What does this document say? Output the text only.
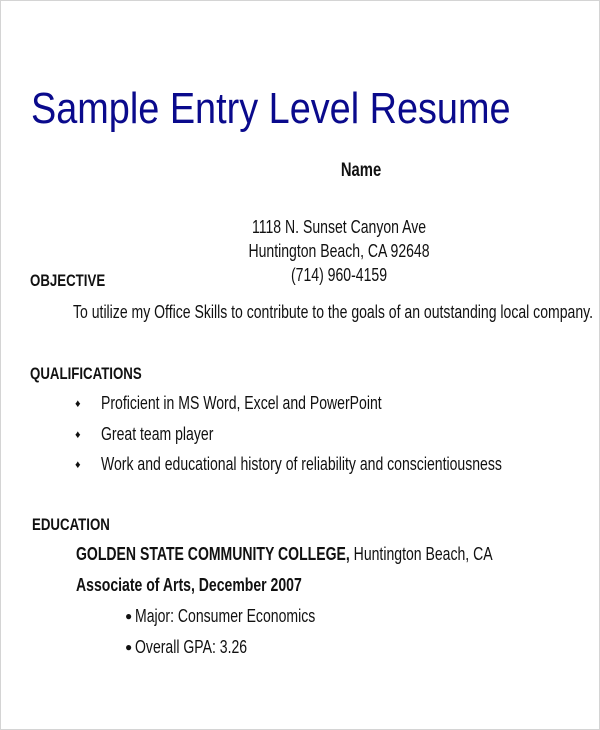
Sample Entry Level Resume
Name
1118 N. Sunset Canyon Ave
Huntington Beach, CA 92648
(714) 960-4159
OBJECTIVE
To utilize my Office Skills to contribute to the goals of an outstanding local company.
QUALIFICATIONS
♦ Proficient in MS Word, Excel and PowerPoint
♦ Great team player
♦ Work and educational history of reliability and conscientiousness
EDUCATION
GOLDEN STATE COMMUNITY COLLEGE, Huntington Beach, CA
Associate of Arts, December 2007
● Major: Consumer Economics
● Overall GPA: 3.26
